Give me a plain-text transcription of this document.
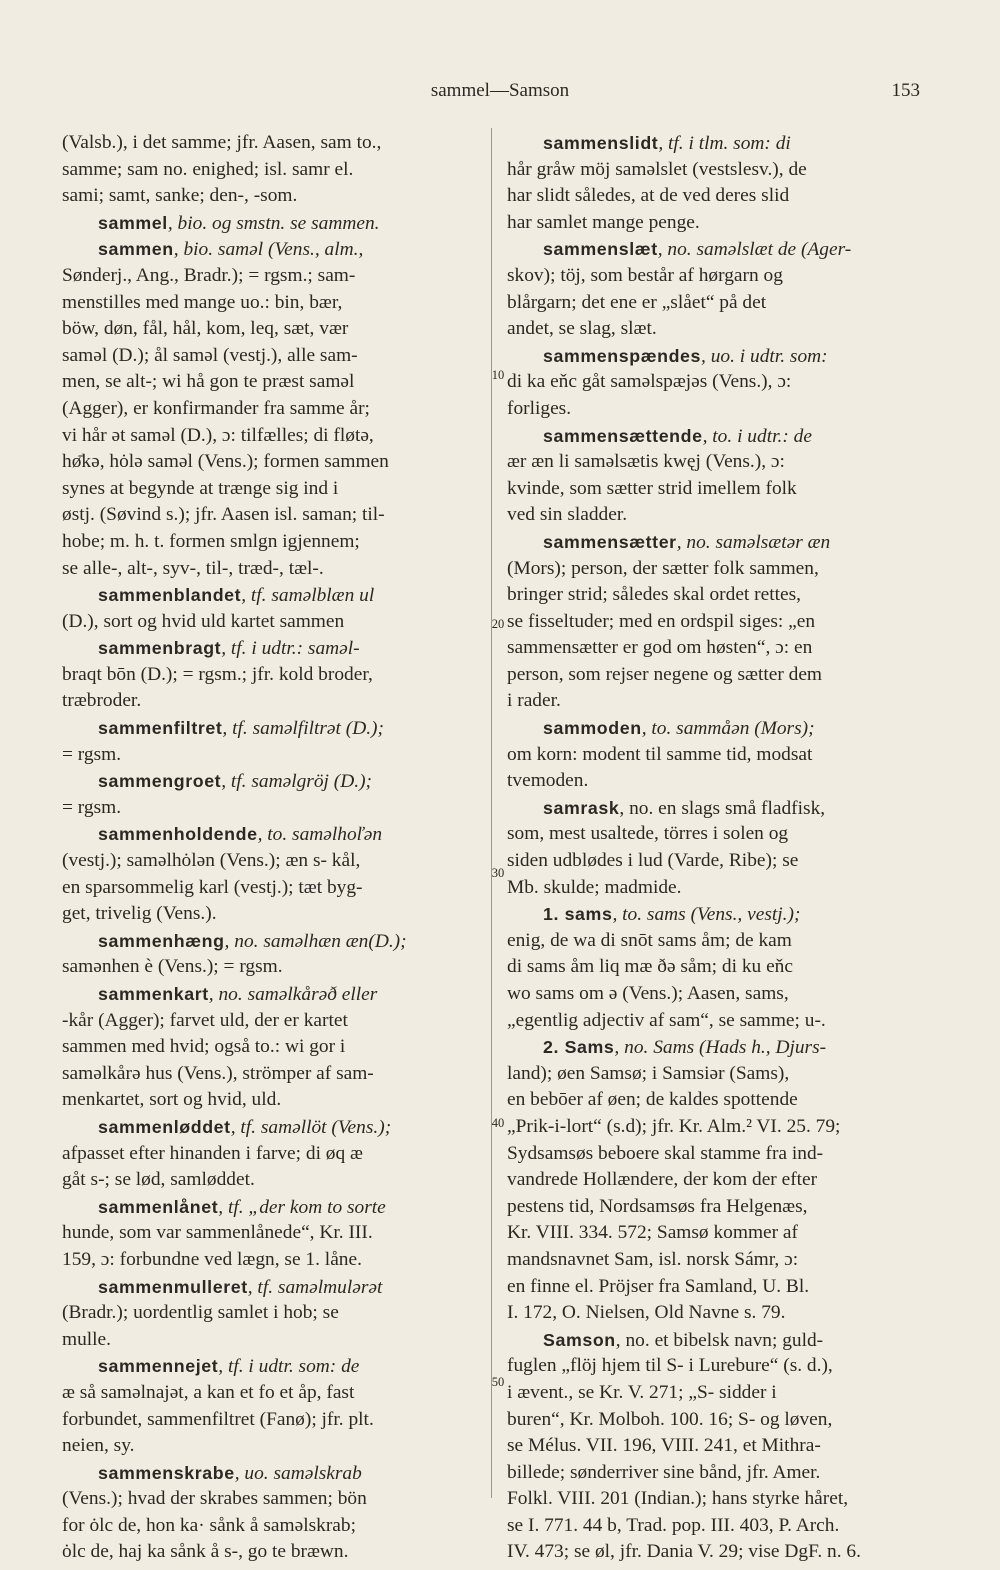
sammel—Samson	153
(Valsb.), i det samme; jfr. Aasen, sam to.,
samme; sam no. enighed; isl. samr el.
sami; samt, sanke; den-, -som.
sammel, bio. og smstn. se sammen.
sammen, bio. samǝl (Vens., alm.,
Sønderj., Ang., Bradr.); = rgsm.; sam-
menstilles med mange uo.: bin, bær,
böw, døn, fål, hål, kom, leq, sæt, vær
samǝl (D.); ål samǝl (vestj.), alle sam-
men, se alt-; wi hå gon te præst samǝl
(Agger), er konfirmander fra samme år;
vi hår ǝt samǝl (D.), ɔ: tilfælles; di fløtǝ,
hø̄kǝ, hȯlǝ samǝl (Vens.); formen sammen
synes at begynde at trænge sig ind i
østj. (Søvind s.); jfr. Aasen isl. saman; til-
hobe; m. h. t. formen smlgn igjennem;
se alle-, alt-, syv-, til-, træd-, tæl-.
sammenblandet, tf. samǝlblæn ul
(D.), sort og hvid uld kartet sammen
sammenbragt, tf. i udtr.: samǝl-
braqt bōn (D.); = rgsm.; jfr. kold broder,
træbroder.
sammenfiltret, tf. samǝlfiltrǝt (D.);
= rgsm.
sammengroet, tf. samǝlgröj (D.);
= rgsm.
sammenholdende, to. samǝlhoľǝn
(vestj.); samǝlhȯlǝn (Vens.); æn s- kål,
en sparsommelig karl (vestj.); tæt byg-
get, trivelig (Vens.).
sammenhæng, no. samǝlhæn æn(D.);
samǝnhen è (Vens.); = rgsm.
sammenkart, no. samǝlkårǝð eller
-kår (Agger); farvet uld, der er kartet
sammen med hvid; også to.: wi gor i
samǝlkårǝ hus (Vens.), strömper af sam-
menkartet, sort og hvid, uld.
sammenløddet, tf. samǝllöt (Vens.);
afpasset efter hinanden i farve; di øq æ
gåt s-; se lød, samløddet.
sammenlånet, tf. „der kom to sorte
hunde, som var sammenlånede“, Kr. III.
159, ɔ: forbundne ved lægn, se 1. låne.
sammenmulleret, tf. samǝlmulǝrǝt
(Bradr.); uordentlig samlet i hob; se
mulle.
sammennejet, tf. i udtr. som: de
æ så samǝlnajǝt, a kan et fo et åp, fast
forbundet, sammenfiltret (Fanø); jfr. plt.
neien, sy.
sammenskrabe, uo. samǝlskrab
(Vens.); hvad der skrabes sammen; bön
for ȯlc de, hon ka· sånk å samǝlskrab;
ȯlc de, haj ka sånk å s-, go te bræwn.
sammenslidt, tf. i tlm. som: di
hår gråw möj samǝlslet (vestslesv.), de
har slidt således, at de ved deres slid
har samlet mange penge.
sammenslæt, no. samǝlslæt de (Ager-
skov); töj, som består af hørgarn og
blårgarn; det ene er „slået“ på det
andet, se slag, slæt.
sammenspændes, uo. i udtr. som:
di ka eňc gåt samǝlspæjǝs (Vens.), ɔ:
forliges.
sammensættende, to. i udtr.: de
ær æn li samǝlsætis kwęj (Vens.), ɔ:
kvinde, som sætter strid imellem folk
ved sin sladder.
sammensætter, no. samǝlsætǝr æn
(Mors); person, der sætter folk sammen,
bringer strid; således skal ordet rettes,
se fisseltuder; med en ordspil siges: „en
sammensætter er god om høsten“, ɔ: en
person, som rejser negene og sætter dem
i rader.
sammoden, to. sammåǝn (Mors);
om korn: modent til samme tid, modsat
tvemoden.
samrask, no. en slags små fladfisk,
som, mest usaltede, törres i solen og
siden udblødes i lud (Varde, Ribe); se
Mb. skulde; madmide.
1. sams, to. sams (Vens., vestj.);
enig, de wa di snōt sams åm; de kam
di sams åm liq mæ ðǝ såm; di ku eňc
wo sams om ǝ (Vens.); Aasen, sams,
„egentlig adjectiv af sam“, se samme; u-.
2. Sams, no. Sams (Hads h., Djurs-
land); øen Samsø; i Samsiǝr (Sams),
en bebōer af øen; de kaldes spottende
„Prik-i-lort“ (s.d); jfr. Kr. Alm.² VI. 25. 79;
Sydsamsøs beboere skal stamme fra ind-
vandrede Hollændere, der kom der efter
pestens tid, Nordsamsøs fra Helgenæs,
Kr. VIII. 334. 572; Samsø kommer af
mandsnavnet Sam, isl. norsk Sámr, ɔ:
en finne el. Pröjser fra Samland, U. Bl.
I. 172, O. Nielsen, Old Navne s. 79.
Samson, no. et bibelsk navn; guld-
fuglen „flöj hjem til S- i Lurebure“ (s. d.),
i ævent., se Kr. V. 271; „S- sidder i
buren“, Kr. Molboh. 100. 16; S- og løven,
se Mélus. VII. 196, VIII. 241, et Mithra-
billede; sønderriver sine bånd, jfr. Amer.
Folkl. VIII. 201 (Indian.); hans styrke håret,
se I. 771. 44 b, Trad. pop. III. 403, P. Arch.
IV. 473; se øl, jfr. Dania V. 29; vise DgF. n. 6.
10
20
30
40
50
